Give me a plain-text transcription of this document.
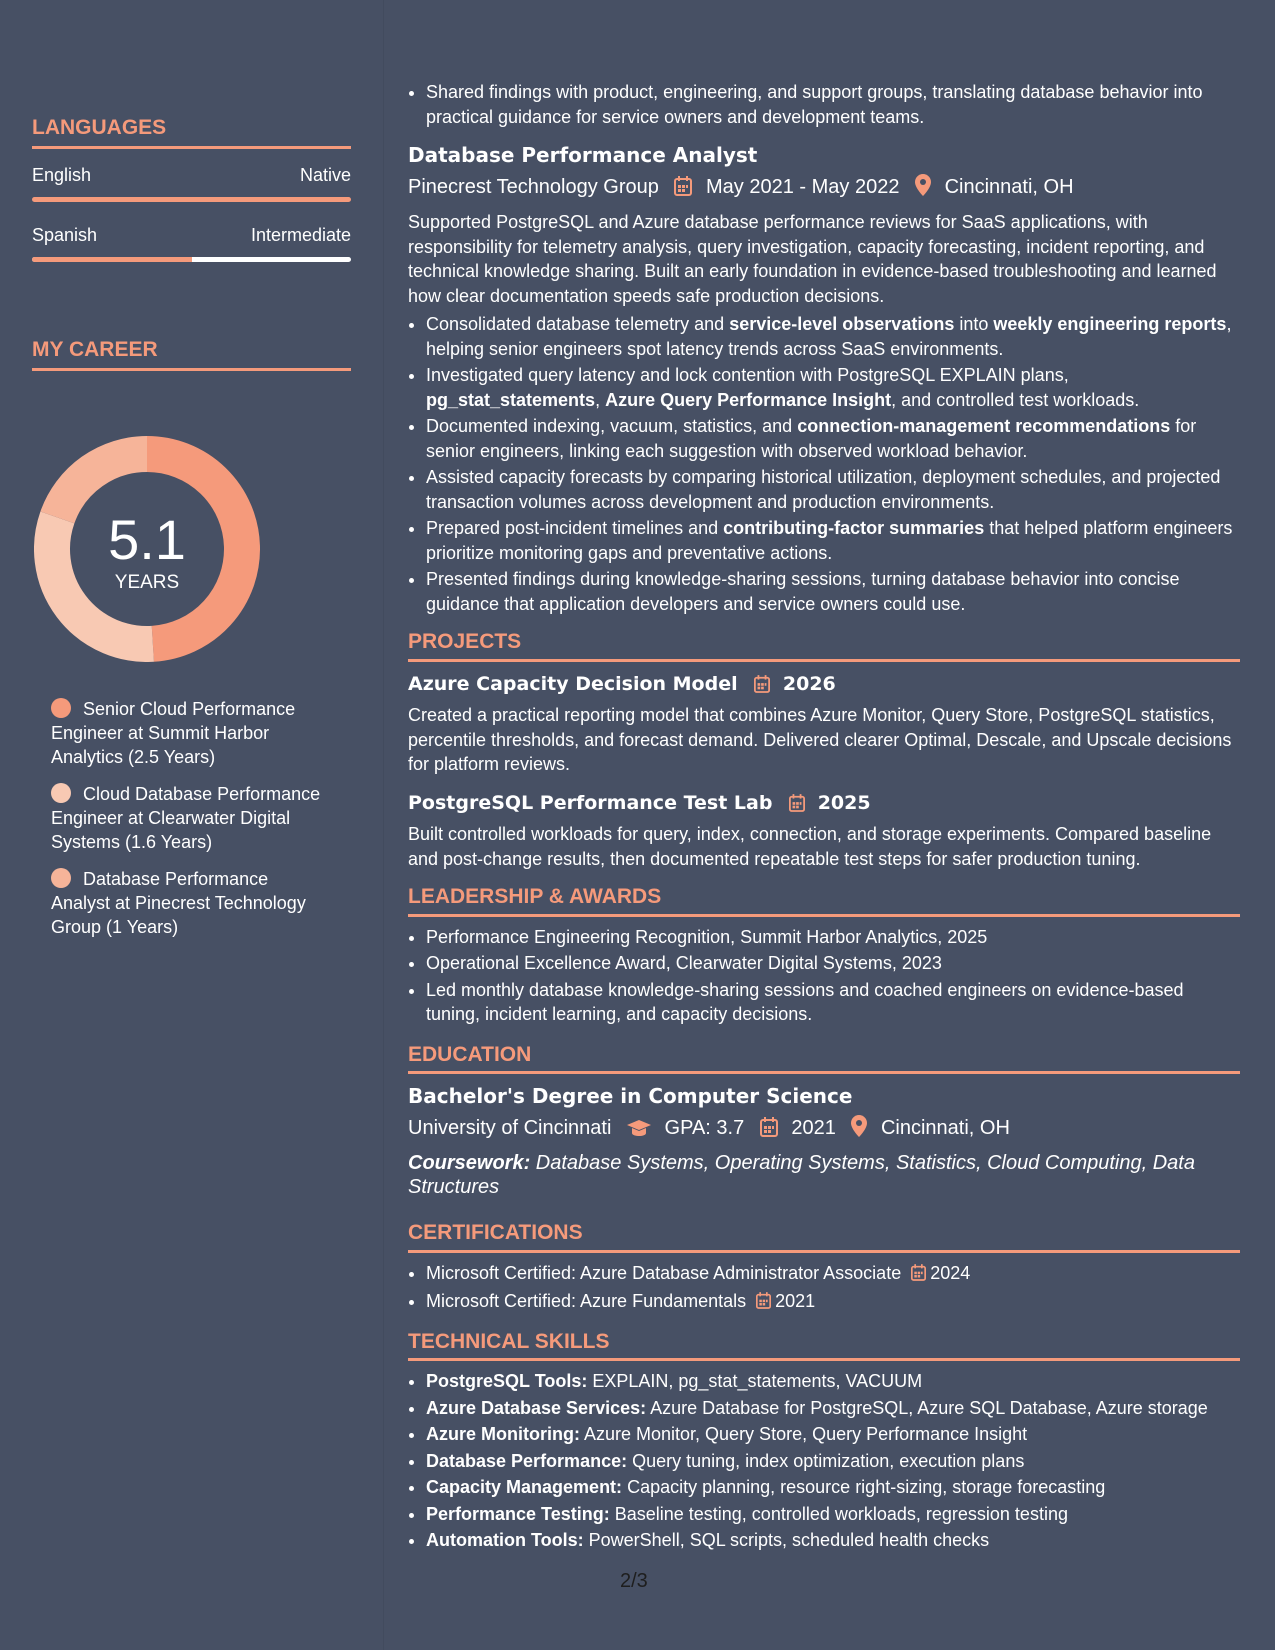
LANGUAGES
English	Native
Spanish	Intermediate
MY CAREER
5.1
YEARS
Senior Cloud Performance Engineer at Summit Harbor Analytics (2.5 Years)
Cloud Database Performance Engineer at Clearwater Digital Systems (1.6 Years)
Database Performance Analyst at Pinecrest Technology Group (1 Years)
• Shared findings with product, engineering, and support groups, translating database behavior into practical guidance for service owners and development teams.
Database Performance Analyst
Pinecrest Technology Group May 2021 - May 2022 Cincinnati, OH
Supported PostgreSQL and Azure database performance reviews for SaaS applications, with responsibility for telemetry analysis, query investigation, capacity forecasting, incident reporting, and technical knowledge sharing. Built an early foundation in evidence-based troubleshooting and learned how clear documentation speeds safe production decisions.
• Consolidated database telemetry and service-level observations into weekly engineering reports, helping senior engineers spot latency trends across SaaS environments.
• Investigated query latency and lock contention with PostgreSQL EXPLAIN plans, pg_stat_statements, Azure Query Performance Insight, and controlled test workloads.
• Documented indexing, vacuum, statistics, and connection-management recommendations for senior engineers, linking each suggestion with observed workload behavior.
• Assisted capacity forecasts by comparing historical utilization, deployment schedules, and projected transaction volumes across development and production environments.
• Prepared post-incident timelines and contributing-factor summaries that helped platform engineers prioritize monitoring gaps and preventative actions.
• Presented findings during knowledge-sharing sessions, turning database behavior into concise guidance that application developers and service owners could use.
PROJECTS
Azure Capacity Decision Model 2026
Created a practical reporting model that combines Azure Monitor, Query Store, PostgreSQL statistics, percentile thresholds, and forecast demand. Delivered clearer Optimal, Descale, and Upscale decisions for platform reviews.
PostgreSQL Performance Test Lab 2025
Built controlled workloads for query, index, connection, and storage experiments. Compared baseline and post-change results, then documented repeatable test steps for safer production tuning.
LEADERSHIP & AWARDS
• Performance Engineering Recognition, Summit Harbor Analytics, 2025
• Operational Excellence Award, Clearwater Digital Systems, 2023
• Led monthly database knowledge-sharing sessions and coached engineers on evidence-based tuning, incident learning, and capacity decisions.
EDUCATION
Bachelor's Degree in Computer Science
University of Cincinnati	GPA: 3.7 2021 Cincinnati, OH
Coursework: Database Systems, Operating Systems, Statistics, Cloud Computing, Data Structures
CERTIFICATIONS
• Microsoft Certified: Azure Database Administrator Associate 2024
• Microsoft Certified: Azure Fundamentals 2021
TECHNICAL SKILLS
• PostgreSQL Tools: EXPLAIN, pg_stat_statements, VACUUM
• Azure Database Services: Azure Database for PostgreSQL, Azure SQL Database, Azure storage
• Azure Monitoring: Azure Monitor, Query Store, Query Performance Insight
• Database Performance: Query tuning, index optimization, execution plans
• Capacity Management: Capacity planning, resource right-sizing, storage forecasting
• Performance Testing: Baseline testing, controlled workloads, regression testing
• Automation Tools: PowerShell, SQL scripts, scheduled health checks
2/3
